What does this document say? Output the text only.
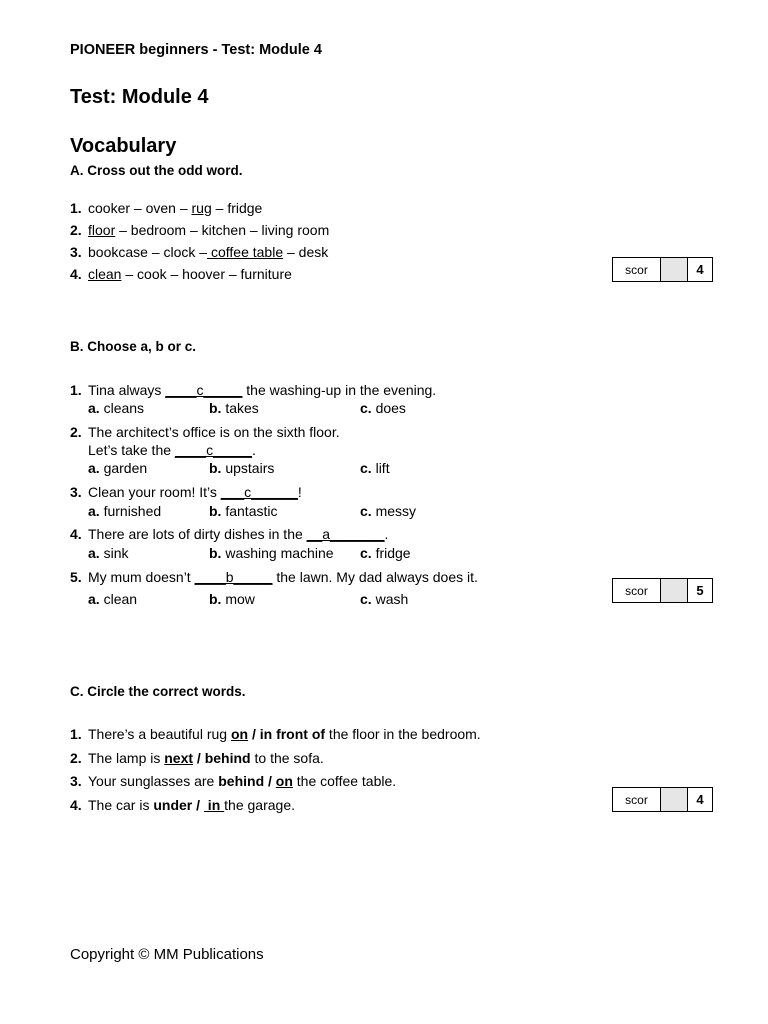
PIONEER beginners - Test: Module 4
Test: Module 4
Vocabulary
A. Cross out the odd word.
1. cooker – oven – rug – fridge
2. floor – bedroom – kitchen – living room
3. bookcase – clock – coffee table – desk
4. clean – cook – hoover – furniture	scor	4
B. Choose a, b or c.
1. Tina always ____c_____ the washing-up in the evening.
a. cleans	b. takes	c. does
2. The architect’s office is on the sixth floor.
Let’s take the ____c_____.
a. garden	b. upstairs	c. lift
3. Clean your room! It’s ___c______!
a. furnished	b. fantastic	c. messy
4. There are lots of dirty dishes in the __a_______.
a. sink	b. washing machine c. fridge
5. My mum doesn’t ____b_____ the lawn. My dad always does it.
a. clean	b. mow	c. wash
scor	5
C. Circle the correct words.
1. There’s a beautiful rug on / in front of the floor in the bedroom.
2. The lamp is next / behind to the sofa.
3. Your sunglasses are behind / on the coffee table.
4. The car is under /  in the garage.	scor	4
Copyright © MM Publications
